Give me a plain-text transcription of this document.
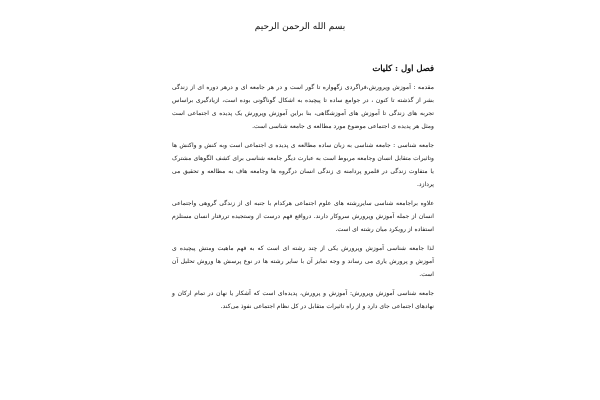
بسم الله الرحمن الرحیم

فصل اول : کلیات

مقدمه : آموزش وپرورش،فراگردی زگهواره تا گور است و در هر جامعه ای و درهر دوره ای از زندگی بشر از گذشته تا کنون ، در جوامع ساده تا پیچیده به اشکال گوناگونی بوده است، ازیادگیری براساس تجربه های زندگی تا آموزش های آموزشگاهی، بنا براین آموزش وپرورش یک پدیده ی اجتماعی است ومثل هر پدیده ی اجتماعی موضوع مورد مطالعه ی جامعه شناسی است.

جامعه شناسی : جامعه شناسی به زبان ساده مطالعه ی پدیده ی اجتماعی است وبه کنش و واکنش ها وتاثیرات متقابل انسان وجامعه مربوط است به عبارت دیگر جامعه شناسی برای کشف الگوهای مشترک یا متفاوت زندگی در قلمرو پردامنه ی زندگی انسان درگروه ها وجامعه هاف به مطالعه و تحقیق می پردازد.

علاوه براجامعه شناسی سایررشته های علوم اجتماعی هرکدام با جنبه ای از زندگی گروهی واجتماعی انسان از جمله آموزش وپرورش سروکار دارند. درواقع فهم درست از وستجیده تررفتار انسان مستلزم استفاده از رویکرد میان رشته ای است.

لذا جامعه شناسی آموزش وپرورش یکی از چند رشته ای است که به فهم ماهیت ومتش پیچیده ی آموزش و پرورش یاری می رساند و وجه تمایز آن با سایر رشته ها در نوع پرسش ها وروش تحلیل آن است.

جامعه شناسی آموزش وپرورش: آموزش و پرورش، پدیده‌ای است که آشکار یا نهان در تمام ارکان و نهادهای اجتماعی جای دارد و از راه تاثیرات متقابل در کل نظام اجتماعی نفوذ می‌کند.
